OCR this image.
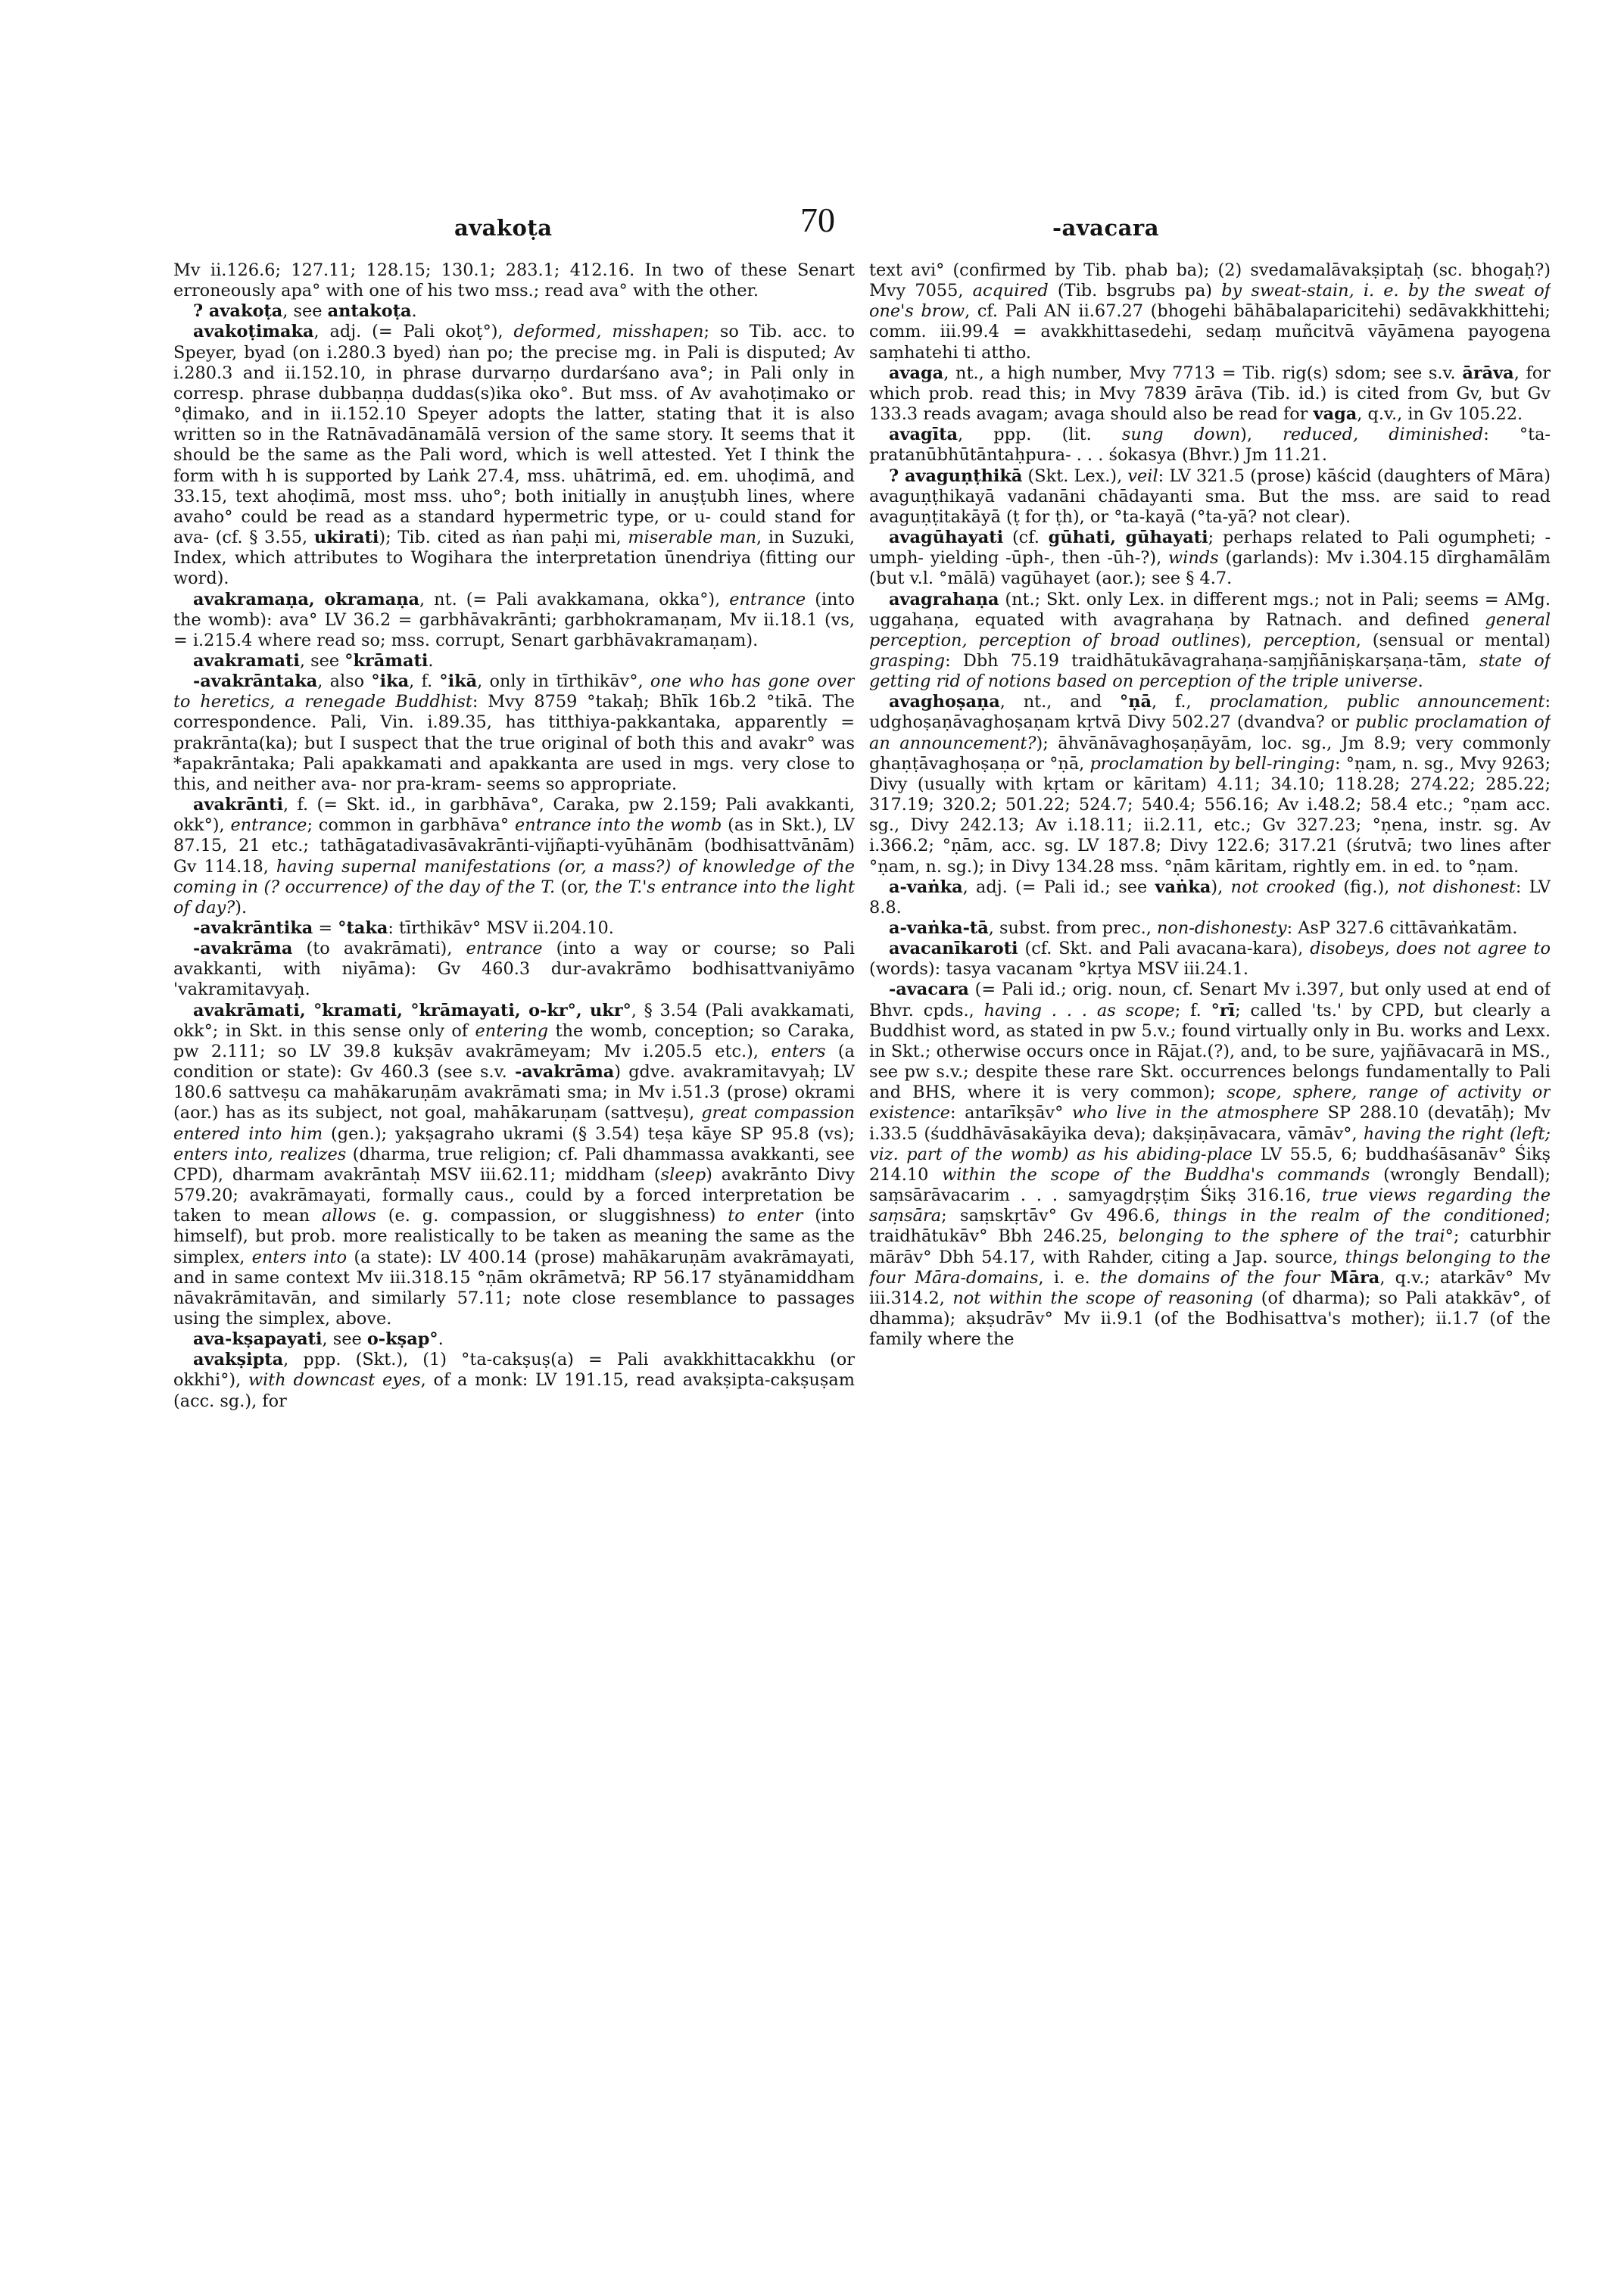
avakoṭa	70	-avacara

Mv ii.126.6; 127.11; 128.15; 130.1; 283.1; 412.16. In two of these Senart erroneously apa° with one of his two mss.; read ava° with the other.

? avakoṭa, see antakoṭa.

avakoṭimaka, adj. (= Pali okoṭ°), deformed, misshapen; so Tib. acc. to Speyer, byad (on i.280.3 byed) ṅan po; the precise mg. in Pali is disputed; Av i.280.3 and ii.152.10, in phrase durvarṇo durdarśano ava°; in Pali only in corresp. phrase dubbaṇṇa duddas(s)ika oko°. But mss. of Av avahoṭimako or °ḍimako, and in ii.152.10 Speyer adopts the latter, stating that it is also written so in the Ratnāvadānamālā version of the same story. It seems that it should be the same as the Pali word, which is well attested. Yet I think the form with h is supported by Laṅk 27.4, mss. uhātrimā, ed. em. uhoḍimā, and 33.15, text ahoḍimā, most mss. uho°; both initially in anuṣṭubh lines, where avaho° could be read as a standard hypermetric type, or u- could stand for ava- (cf. § 3.55, ukirati); Tib. cited as ṅan paḥi mi, miserable man, in Suzuki, Index, which attributes to Wogihara the interpretation ūnendriya (fitting our word).

avakramaṇa, okramaṇa, nt. (= Pali avakkamana, okka°), entrance (into the womb): ava° LV 36.2 = garbhāvakrānti; garbhokramaṇam, Mv ii.18.1 (vs, = i.215.4 where read so; mss. corrupt, Senart garbhāvakramaṇam).

avakramati, see °krāmati.

-avakrāntaka, also °ika, f. °ikā, only in tīrthikāv°, one who has gone over to heretics, a renegade Buddhist: Mvy 8759 °takaḥ; Bhīk 16b.2 °tikā. The correspondence. Pali, Vin. i.89.35, has titthiya-pakkantaka, apparently = prakrānta(ka); but I suspect that the true original of both this and avakr° was *apakrāntaka; Pali apakkamati and apakkanta are used in mgs. very close to this, and neither ava- nor pra-kram- seems so appropriate.

avakrānti, f. (= Skt. id., in garbhāva°, Caraka, pw 2.159; Pali avakkanti, okk°), entrance; common in garbhāva° entrance into the womb (as in Skt.), LV 87.15, 21 etc.; tathāgatadivasāvakrānti-vijñapti-vyūhānām (bodhisattvānām) Gv 114.18, having supernal manifestations (or, a mass?) of knowledge of the coming in (? occurrence) of the day of the T. (or, the T.'s entrance into the light of day?).

-avakrāntika = °taka: tīrthikāv° MSV ii.204.10.

-avakrāma (to avakrāmati), entrance (into a way or course; so Pali avakkanti, with niyāma): Gv 460.3 dur-avakrāmo bodhisattvaniyāmo 'vakramitavyaḥ.

avakrāmati, °kramati, °krāmayati, o-kr°, ukr°, § 3.54 (Pali avakkamati, okk°; in Skt. in this sense only of entering the womb, conception; so Caraka, pw 2.111; so LV 39.8 kukṣāv avakrāmeyam; Mv i.205.5 etc.), enters (a condition or state): Gv 460.3 (see s.v. -avakrāma) gdve. avakramitavyaḥ; LV 180.6 sattveṣu ca mahākaruṇām avakrāmati sma; in Mv i.51.3 (prose) okrami (aor.) has as its subject, not goal, mahākaruṇam (sattveṣu), great compassion entered into him (gen.); yakṣagraho ukrami (§ 3.54) teṣa kāye SP 95.8 (vs); enters into, realizes (dharma, true religion; cf. Pali dhammassa avakkanti, see CPD), dharmam avakrāntaḥ MSV iii.62.11; middham (sleep) avakrānto Divy 579.20; avakrāmayati, formally caus., could by a forced interpretation be taken to mean allows (e. g. compassion, or sluggishness) to enter (into himself), but prob. more realistically to be taken as meaning the same as the simplex, enters into (a state): LV 400.14 (prose) mahākaruṇām avakrāmayati, and in same context Mv iii.318.15 °ṇām okrāmetvā; RP 56.17 styānamiddham nāvakrāmitavān, and similarly 57.11; note close resemblance to passages using the simplex, above.

ava-kṣapayati, see o-kṣap°.

avakṣipta, ppp. (Skt.), (1) °ta-cakṣuṣ(a) = Pali avakkhittacakkhu (or okkhi°), with downcast eyes, of a monk: LV 191.15, read avakṣipta-cakṣuṣam (acc. sg.), for

text avi° (confirmed by Tib. phab ba); (2) svedamalāvakṣiptaḥ (sc. bhogaḥ?) Mvy 7055, acquired (Tib. bsgrubs pa) by sweat-stain, i. e. by the sweat of one's brow, cf. Pali AN ii.67.27 (bhogehi bāhābalaparicitehi) sedāvakkhittehi; comm. iii.99.4 = avakkhittasedehi, sedaṃ muñcitvā vāyāmena payogena saṃhatehi ti attho.

avaga, nt., a high number, Mvy 7713 = Tib. rig(s) sdom; see s.v. ārāva, for which prob. read this; in Mvy 7839 ārāva (Tib. id.) is cited from Gv, but Gv 133.3 reads avagam; avaga should also be read for vaga, q.v., in Gv 105.22.

avagīta, ppp. (lit. sung down), reduced, diminished: °ta-pratanūbhūtāntaḥpura- . . . śokasya (Bhvr.) Jm 11.21.

? avaguṇṭhikā (Skt. Lex.), veil: LV 321.5 (prose) kāścid (daughters of Māra) avaguṇṭhikayā vadanāni chādayanti sma. But the mss. are said to read avaguṇṭitakāyā (ṭ for ṭh), or °ta-kayā (°ta-yā? not clear).

avagūhayati (cf. gūhati, gūhayati; perhaps related to Pali ogumpheti; -umph- yielding -ūph-, then -ūh-?), winds (garlands): Mv i.304.15 dīrghamālām (but v.l. °mālā) vagūhayet (aor.); see § 4.7.

avagrahaṇa (nt.; Skt. only Lex. in different mgs.; not in Pali; seems = AMg. uggahaṇa, equated with avagrahaṇa by Ratnach. and defined general perception, perception of broad outlines), perception, (sensual or mental) grasping: Dbh 75.19 traidhātukāvagrahaṇa-saṃjñāniṣkarṣaṇa-tām, state of getting rid of notions based on perception of the triple universe.

avaghoṣaṇa, nt., and °ṇā, f., proclamation, public announcement: udghoṣaṇāvaghoṣaṇam kṛtvā Divy 502.27 (dvandva? or public proclamation of an announcement?); āhvānāvaghoṣaṇāyām, loc. sg., Jm 8.9; very commonly ghaṇṭāvaghoṣaṇa or °ṇā, proclamation by bell-ringing: °ṇam, n. sg., Mvy 9263; Divy (usually with kṛtam or kāritam) 4.11; 34.10; 118.28; 274.22; 285.22; 317.19; 320.2; 501.22; 524.7; 540.4; 556.16; Av i.48.2; 58.4 etc.; °ṇam acc. sg., Divy 242.13; Av i.18.11; ii.2.11, etc.; Gv 327.23; °ṇena, instr. sg. Av i.366.2; °ṇām, acc. sg. LV 187.8; Divy 122.6; 317.21 (śrutvā; two lines after °ṇam, n. sg.); in Divy 134.28 mss. °ṇām kāritam, rightly em. in ed. to °ṇam.

a-vaṅka, adj. (= Pali id.; see vaṅka), not crooked (fig.), not dishonest: LV 8.8.

a-vaṅka-tā, subst. from prec., non-dishonesty: AsP 327.6 cittāvaṅkatām.

avacanīkaroti (cf. Skt. and Pali avacana-kara), disobeys, does not agree to (words): tasya vacanam °kṛtya MSV iii.24.1.

-avacara (= Pali id.; orig. noun, cf. Senart Mv i.397, but only used at end of Bhvr. cpds., having . . . as scope; f. °rī; called 'ts.' by CPD, but clearly a Buddhist word, as stated in pw 5.v.; found virtually only in Bu. works and Lexx. in Skt.; otherwise occurs once in Rājat.(?), and, to be sure, yajñāvacarā in MS., see pw s.v.; despite these rare Skt. occurrences belongs fundamentally to Pali and BHS, where it is very common); scope, sphere, range of activity or existence: antarīkṣāv° who live in the atmosphere SP 288.10 (devatāḥ); Mv i.33.5 (śuddhāvāsakāyika deva); dakṣiṇāvacara, vāmāv°, having the right (left; viz. part of the womb) as his abiding-place LV 55.5, 6; buddhaśāsanāv° Śikṣ 214.10 within the scope of the Buddha's commands (wrongly Bendall); saṃsārāvacarim . . . samyagdṛṣṭim Śikṣ 316.16, true views regarding the saṃsāra; saṃskṛtāv° Gv 496.6, things in the realm of the conditioned; traidhātukāv° Bbh 246.25, belonging to the sphere of the trai°; caturbhir mārāv° Dbh 54.17, with Rahder, citing a Jap. source, things belonging to the four Māra-domains, i. e. the domains of the four Māra, q.v.; atarkāv° Mv iii.314.2, not within the scope of reasoning (of dharma); so Pali atakkāv°, of dhamma); akṣudrāv° Mv ii.9.1 (of the Bodhisattva's mother); ii.1.7 (of the family where the
